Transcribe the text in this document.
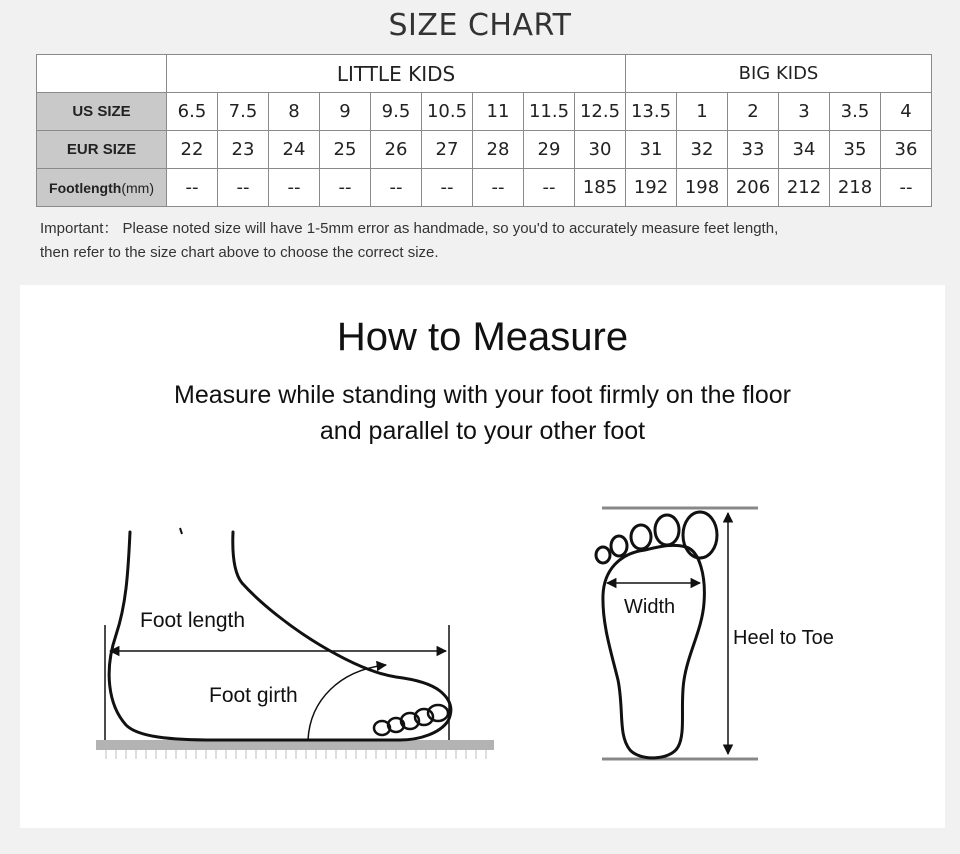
SIZE CHART
	LITTLE KIDS									BIG KIDS					
US SIZE	6.5	7.5	8	9	9.5	10.5	11	11.5	12.5	13.5	1	2	3	3.5	4
EUR SIZE	22	23	24	25	26	27	28	29	30	31	32	33	34	35	36
Footlength(mm)	--	--	--	--	--	--	--	--	185	192	198	206	212	218	--
Important： Please noted size will have 1-5mm error as handmade, so you'd to accurately measure feet length,
then refer to the size chart above to choose the correct size.
How to Measure
Measure while standing with your foot firmly on the floor
and parallel to your other foot
Foot length
Foot girth
Width
Heel to Toe
